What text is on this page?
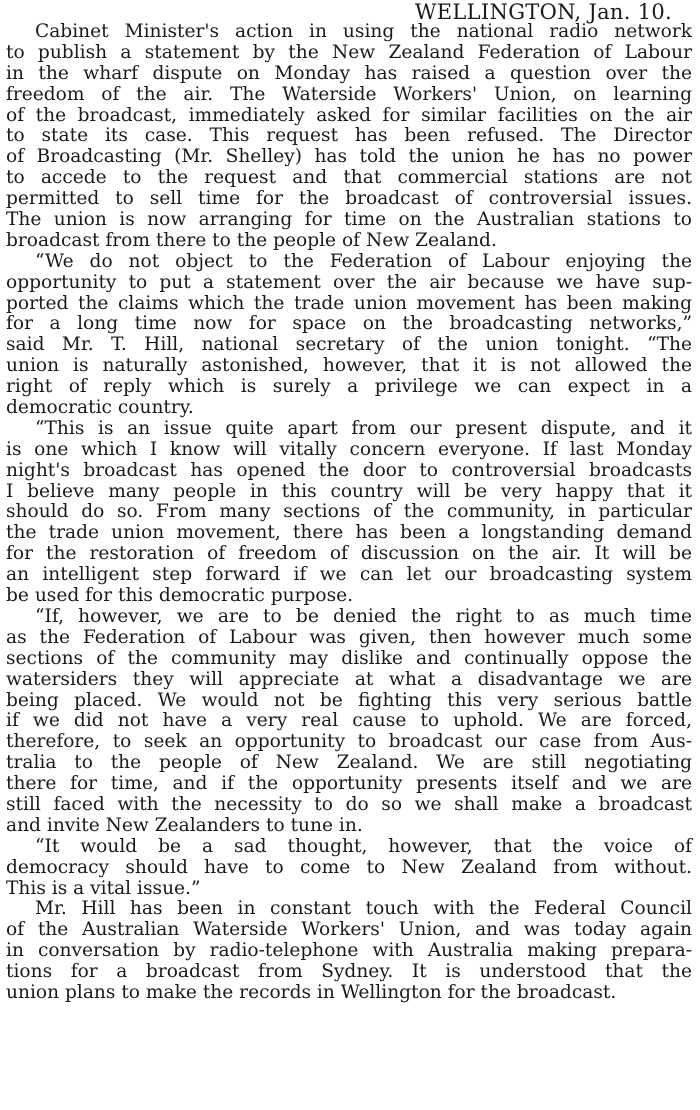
WELLINGTON, Jan. 10.
Cabinet Minister's action in using the national radio network
to publish a statement by the New Zealand Federation of Labour
in the wharf dispute on Monday has raised a question over the
freedom of the air. The Waterside Workers' Union, on learning
of the broadcast, immediately asked for similar facilities on the air
to state its case. This request has been refused. The Director
of Broadcasting (Mr. Shelley) has told the union he has no power
to accede to the request and that commercial stations are not
permitted to sell time for the broadcast of controversial issues.
The union is now arranging for time on the Australian stations to
broadcast from there to the people of New Zealand.
“We do not object to the Federation of Labour enjoying the
opportunity to put a statement over the air because we have sup-
ported the claims which the trade union movement has been making
for a long time now for space on the broadcasting networks,”
said Mr. T. Hill, national secretary of the union tonight. “The
union is naturally astonished, however, that it is not allowed the
right of reply which is surely a privilege we can expect in a
democratic country.
“This is an issue quite apart from our present dispute, and it
is one which I know will vitally concern everyone. If last Monday
night's broadcast has opened the door to controversial broadcasts
I believe many people in this country will be very happy that it
should do so. From many sections of the community, in particular
the trade union movement, there has been a longstanding demand
for the restoration of freedom of discussion on the air. It will be
an intelligent step forward if we can let our broadcasting system
be used for this democratic purpose.
“If, however, we are to be denied the right to as much time
as the Federation of Labour was given, then however much some
sections of the community may dislike and continually oppose the
watersiders they will appreciate at what a disadvantage we are
being placed. We would not be fighting this very serious battle
if we did not have a very real cause to uphold. We are forced,
therefore, to seek an opportunity to broadcast our case from Aus-
tralia to the people of New Zealand. We are still negotiating
there for time, and if the opportunity presents itself and we are
still faced with the necessity to do so we shall make a broadcast
and invite New Zealanders to tune in.
“It would be a sad thought, however, that the voice of
democracy should have to come to New Zealand from without.
This is a vital issue.”
Mr. Hill has been in constant touch with the Federal Council
of the Australian Waterside Workers' Union, and was today again
in conversation by radio-telephone with Australia making prepara-
tions for a broadcast from Sydney. It is understood that the
union plans to make the records in Wellington for the broadcast.
